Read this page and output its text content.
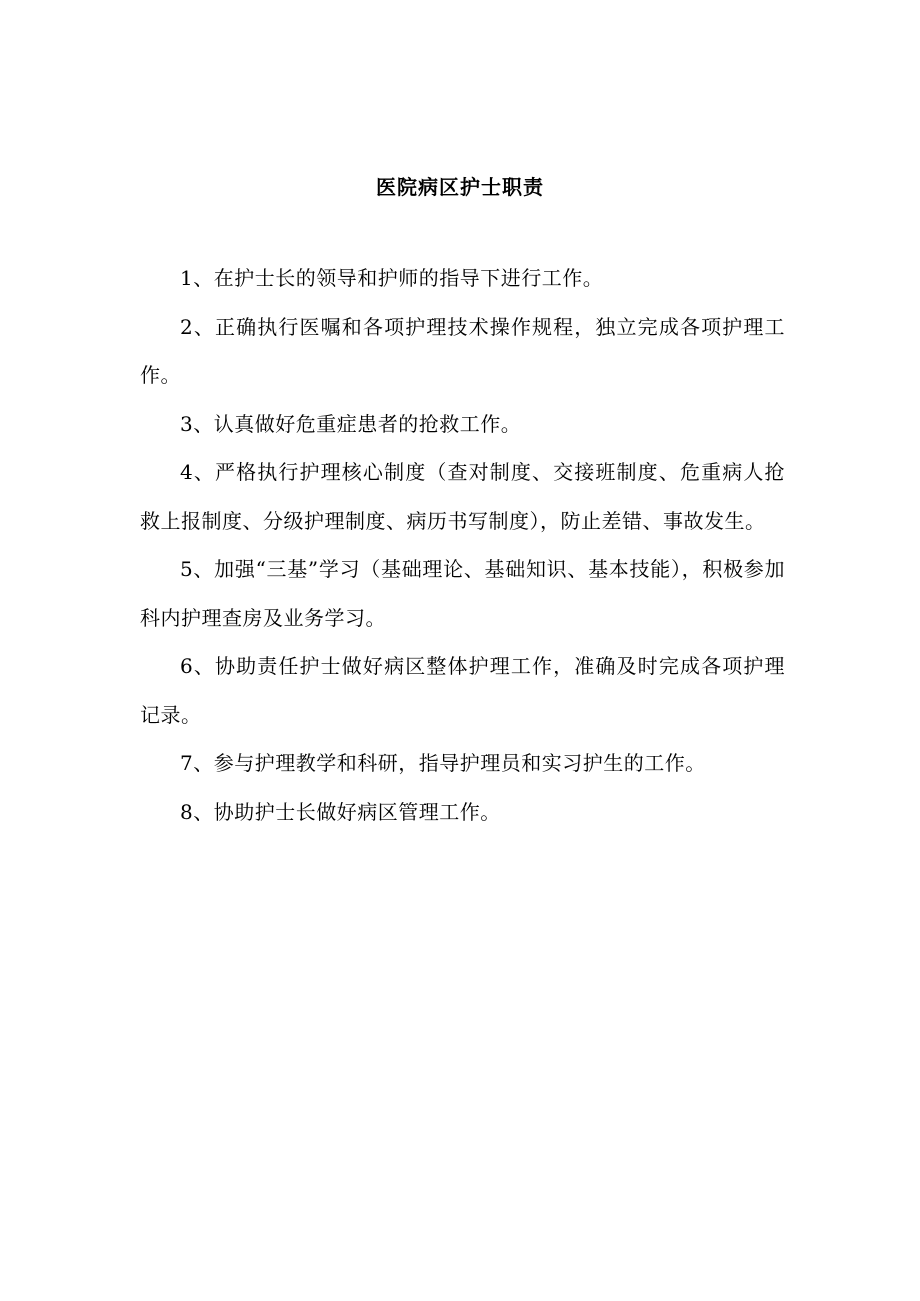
医院病区护士职责

1、在护士长的领导和护师的指导下进行工作。

2、正确执行医嘱和各项护理技术操作规程，独立完成各项护理工作。

3、认真做好危重症患者的抢救工作。

4、严格执行护理核心制度（查对制度、交接班制度、危重病人抢救上报制度、分级护理制度、病历书写制度），防止差错、事故发生。

5、加强“三基”学习（基础理论、基础知识、基本技能），积极参加科内护理查房及业务学习。

6、协助责任护士做好病区整体护理工作，准确及时完成各项护理记录。

7、参与护理教学和科研，指导护理员和实习护生的工作。

8、协助护士长做好病区管理工作。
